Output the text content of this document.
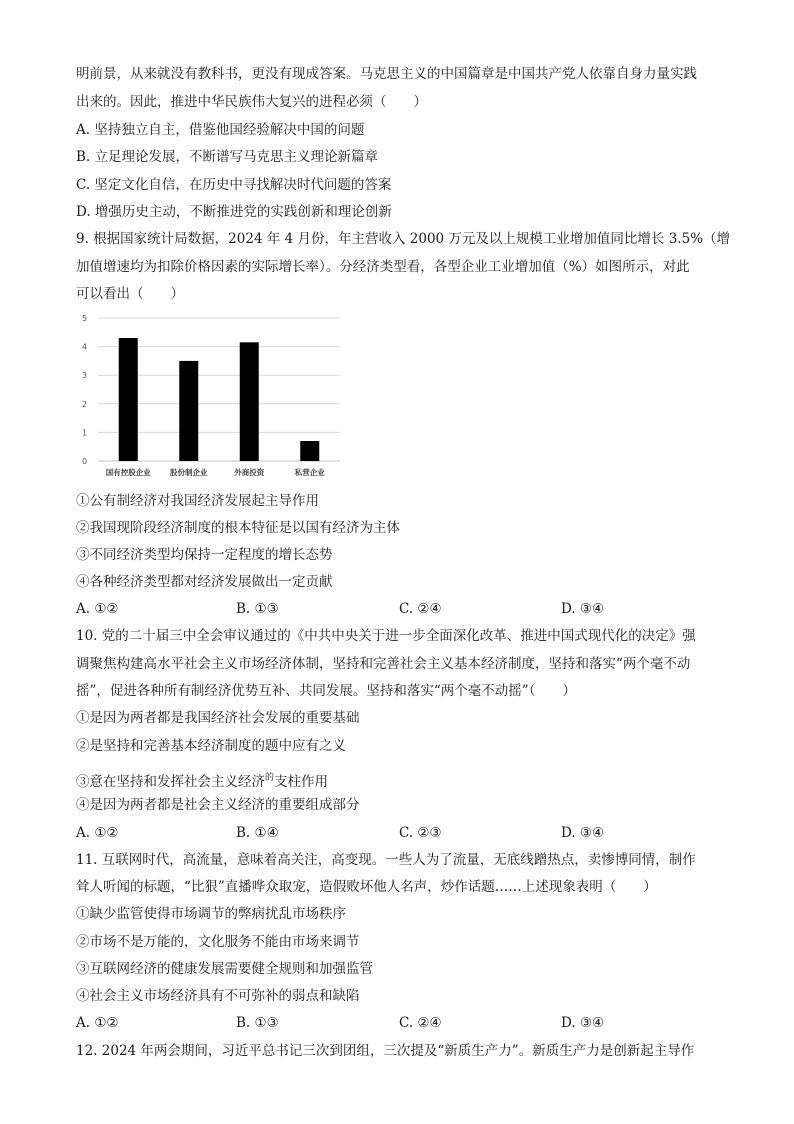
明前景，从来就没有教科书，更没有现成答案。马克思主义的中国篇章是中国共产党人依靠自身力量实践
出来的。因此，推进中华民族伟大复兴的进程必须（　　）
A. 坚持独立自主，借鉴他国经验解决中国的问题
B. 立足理论发展，不断谱写马克思主义理论新篇章
C. 坚定文化自信，在历史中寻找解决时代问题的答案
D. 增强历史主动，不断推进党的实践创新和理论创新
9. 根据国家统计局数据，2024 年 4 月份，年主营收入 2000 万元及以上规模工业增加值同比增长 3.5%（增
加值增速均为扣除价格因素的实际增长率）。分经济类型看，各型企业工业增加值（%）如图所示，对此
可以看出（　　）
0
1
2
3
4
5
国有控股企业	股份制企业	外商投资	私营企业
①公有制经济对我国经济发展起主导作用
②我国现阶段经济制度的根本特征是以国有经济为主体
③不同经济类型均保持一定程度的增长态势
④各种经济类型都对经济发展做出一定贡献
A. ①②	B. ①③	C. ②④	D. ③④
10. 党的二十届三中全会审议通过的《中共中央关于进一步全面深化改革、推进中国式现代化的决定》强
调聚焦构建高水平社会主义市场经济体制，坚持和完善社会主义基本经济制度，坚持和落实“两个毫不动
摇”，促进各种所有制经济优势互补、共同发展。坚持和落实“两个毫不动摇”（　　）
①是因为两者都是我国经济社会发展的重要基础
②是坚持和完善基本经济制度的题中应有之义
③意在坚持和发挥社会主义经济$^的$支柱作用
④是因为两者都是社会主义经济的重要组成部分
A. ①②	B. ①④	C. ②③	D. ③④
11. 互联网时代，高流量，意味着高关注，高变现。一些人为了流量，无底线蹭热点，卖惨博同情，制作
耸人听闻的标题，“比狠”直播哗众取宠，造假败坏他人名声，炒作话题……上述现象表明（　　）
①缺少监管使得市场调节的弊病扰乱市场秩序
②市场不是万能的，文化服务不能由市场来调节
③互联网经济的健康发展需要健全规则和加强监管
④社会主义市场经济具有不可弥补的弱点和缺陷
A. ①②	B. ①③	C. ②④	D. ③④
12. 2024 年两会期间，习近平总书记三次到团组，三次提及“新质生产力”。新质生产力是创新起主导作
